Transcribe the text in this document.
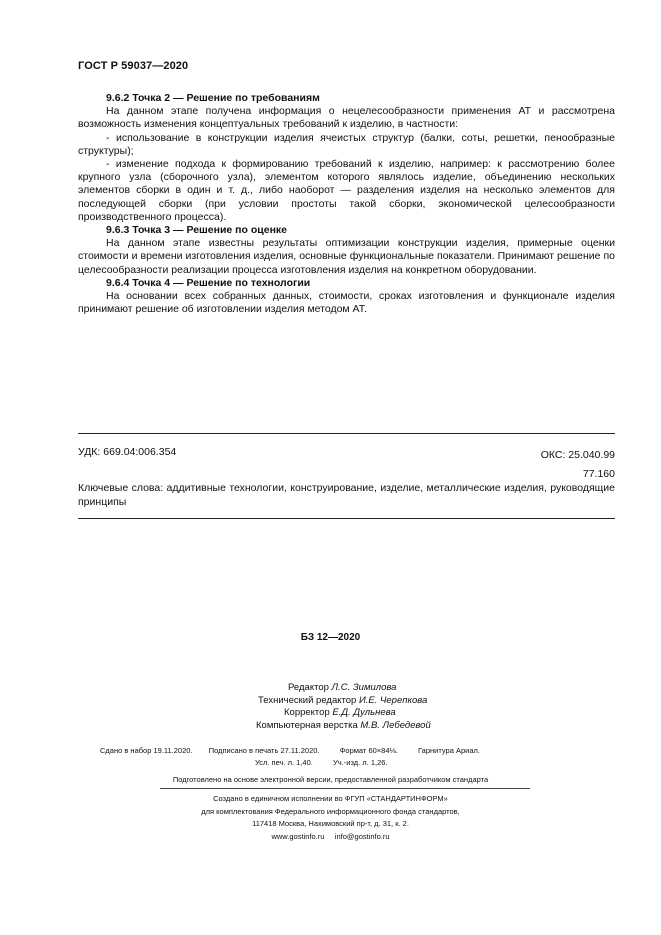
ГОСТ Р 59037—2020

9.6.2 Точка 2 — Решение по требованиям

На данном этапе получена информация о нецелесообразности применения АТ и рассмотрена возможность изменения концептуальных требований к изделию, в частности:

- использование в конструкции изделия ячеистых структур (балки, соты, решетки, пенообразные структуры);

- изменение подхода к формированию требований к изделию, например: к рассмотрению более крупного узла (сборочного узла), элементом которого являлось изделие, объединению нескольких элементов сборки в один и т. д., либо наоборот — разделения изделия на несколько элементов для последующей сборки (при условии простоты такой сборки, экономической целесообразности производственного процесса).

9.6.3 Точка 3 — Решение по оценке

На данном этапе известны результаты оптимизации конструкции изделия, примерные оценки стоимости и времени изготовления изделия, основные функциональные показатели. Принимают решение по целесообразности реализации процесса изготовления изделия на конкретном оборудовании.

9.6.4 Точка 4 — Решение по технологии

На основании всех собранных данных, стоимости, сроках изготовления и функционале изделия принимают решение об изготовлении изделия методом АТ.

УДК: 669.04:006.354	ОКС: 25.040.99
77.160
Ключевые слова: аддитивные технологии, конструирование, изделие, металлические изделия, руководящие принципы
БЗ 12—2020
Редактор Л.С. Зимилова
Технический редактор И.Е. Черепкова
Корректор Е.Д. Дульнева
Компьютерная верстка М.В. Лебедевой
Сдано в набор 19.11.2020. Подписано в печать 27.11.2020.	Формат 60×84⅛.	Гарнитура Ариал.
Усл. печ. л. 1,40.	Уч.-изд. л. 1,26.
Подготовлено на основе электронной версии, предоставленной разработчиком стандарта
Создано в единичном исполнении во ФГУП «СТАНДАРТИНФОРМ»
для комплектования Федерального информационного фонда стандартов,
117418 Москва, Нахимовский пр-т, д. 31, к. 2.
www.gostinfo.ru     info@gostinfo.ru
